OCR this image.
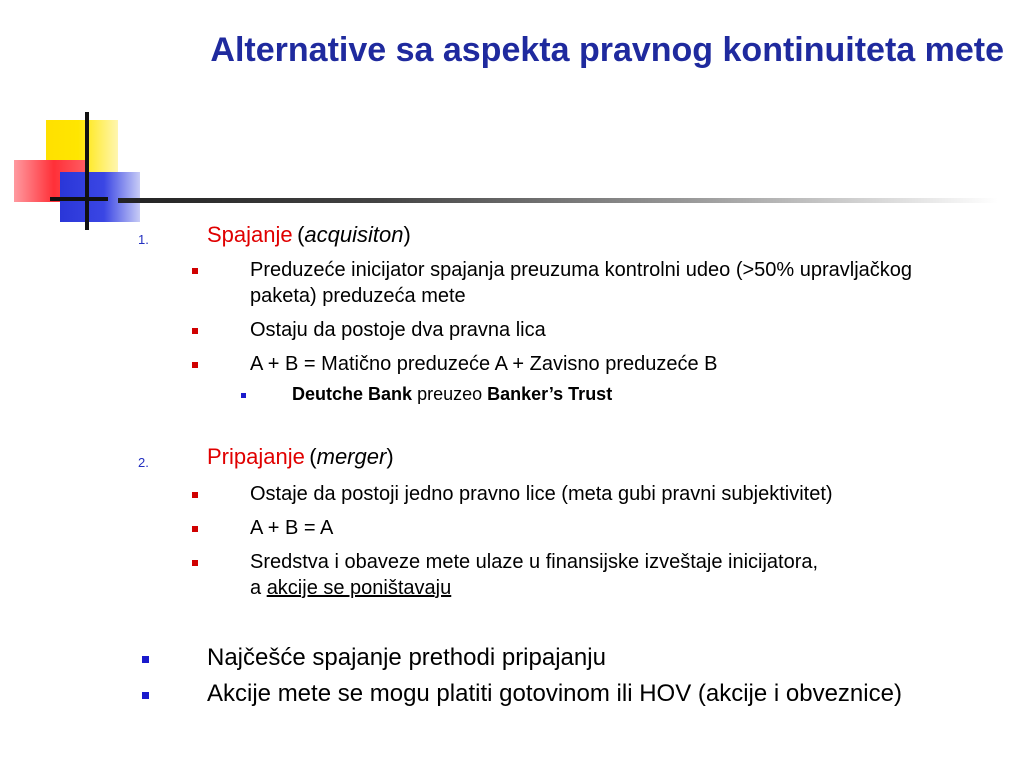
Alternative sa aspekta pravnog kontinuiteta mete
1.	Spajanje (acquisiton)
Preduzeće inicijator spajanja preuzuma kontrolni udeo (>50% upravljačkog paketa) preduzeća mete
Ostaju da postoje dva pravna lica
A + B = Matično preduzeće A + Zavisno preduzeće B
Deutche Bank preuzeo Banker’s Trust
2.	Pripajanje (merger)
Ostaje da postoji jedno pravno lice (meta gubi pravni subjektivitet)
A + B = A
Sredstva i obaveze mete ulaze u finansijske izveštaje inicijatora,
a akcije se poništavaju
Najčešće spajanje prethodi pripajanju
Akcije mete se mogu platiti gotovinom ili HOV (akcije i obveznice)
